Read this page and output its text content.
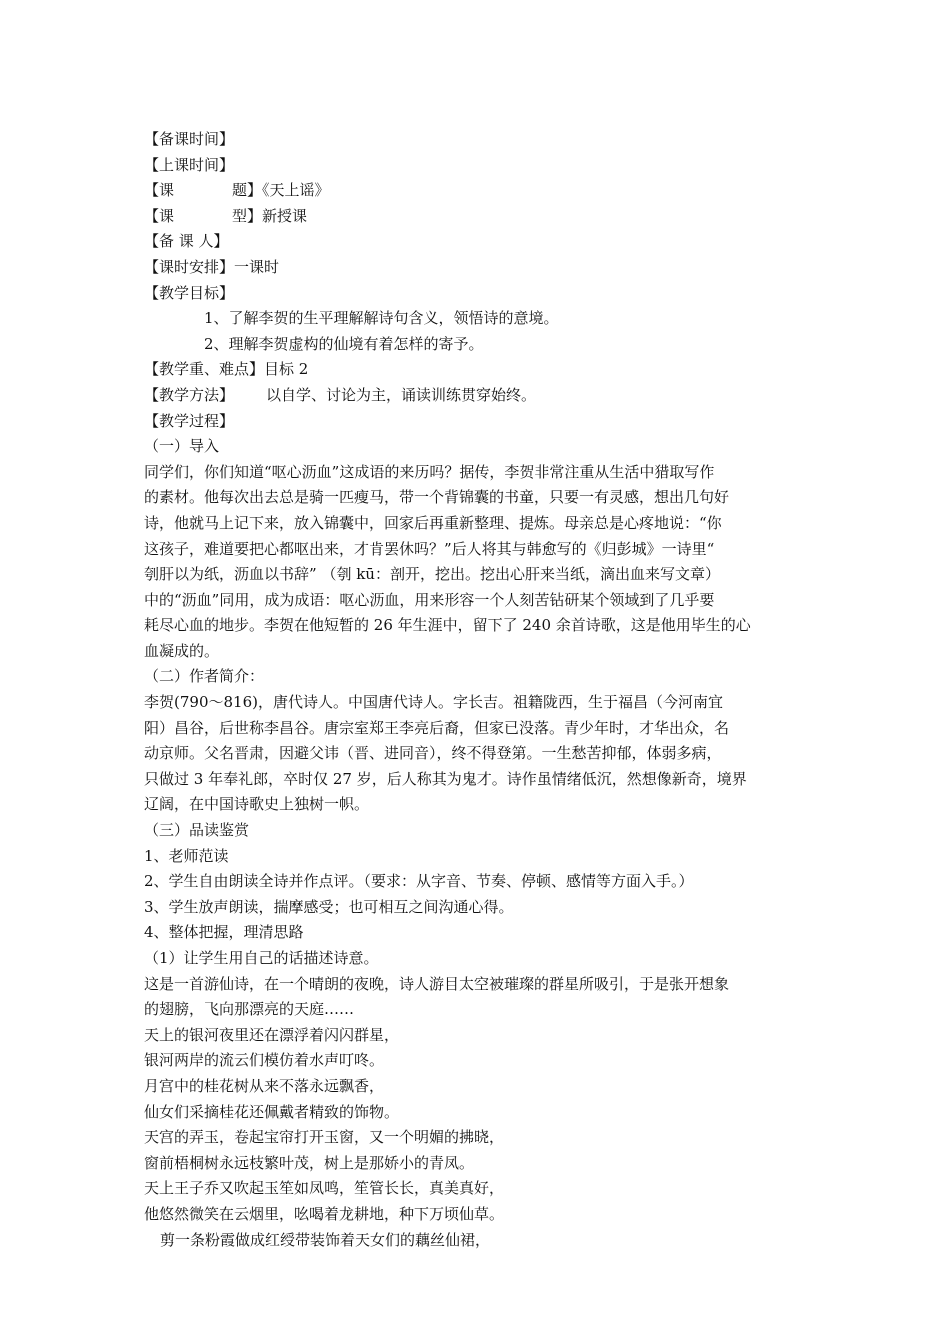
【备课时间】
【上课时间】
【课	题】《天上谣》
【课	型】新授课
【备 课 人】
【课时安排】一课时
【教学目标】
1、了解李贺的生平理解解诗句含义，领悟诗的意境。
2、理解李贺虚构的仙境有着怎样的寄予。
【教学重、难点】目标 2
【教学方法】 以自学、讨论为主，诵读训练贯穿始终。
【教学过程】
（一）导入
同学们，你们知道“呕心沥血”这成语的来历吗？据传，李贺非常注重从生活中猎取写作
的素材。他每次出去总是骑一匹瘦马，带一个背锦囊的书童，只要一有灵感，想出几句好
诗，他就马上记下来，放入锦囊中，回家后再重新整理、提炼。母亲总是心疼地说：“你
这孩子，难道要把心都呕出来，才肯罢休吗？”后人将其与韩愈写的《归彭城》一诗里“
刳肝以为纸，沥血以书辞” （刳 kū：剖开，挖出。挖出心肝来当纸，滴出血来写文章）
中的“沥血”同用，成为成语：呕心沥血，用来形容一个人刻苦钻研某个领域到了几乎要
耗尽心血的地步。李贺在他短暂的 26 年生涯中，留下了 240 余首诗歌，这是他用毕生的心
血凝成的。
（二）作者简介：
李贺(790～816)，唐代诗人。中国唐代诗人。字长吉。祖籍陇西，生于福昌（今河南宜
阳）昌谷，后世称李昌谷。唐宗室郑王李亮后裔，但家已没落。青少年时，才华出众，名
动京师。父名晋肃，因避父讳（晋、进同音），终不得登第。一生愁苦抑郁，体弱多病，
只做过 3 年奉礼郎，卒时仅 27 岁，后人称其为鬼才。诗作虽情绪低沉，然想像新奇，境界
辽阔，在中国诗歌史上独树一帜。
（三）品读鉴赏
1、老师范读
2、学生自由朗读全诗并作点评。（要求：从字音、节奏、停顿、感情等方面入手。）
3、学生放声朗读，揣摩感受；也可相互之间沟通心得。
4、整体把握，理清思路
（1）让学生用自己的话描述诗意。
这是一首游仙诗，在一个晴朗的夜晚，诗人游目太空被璀璨的群星所吸引，于是张开想象
的翅膀，飞向那漂亮的天庭……
天上的银河夜里还在漂浮着闪闪群星，
银河两岸的流云们模仿着水声叮咚。
月宫中的桂花树从来不落永远飘香，
仙女们采摘桂花还佩戴者精致的饰物。
天宫的弄玉，卷起宝帘打开玉窗，又一个明媚的拂晓，
窗前梧桐树永远枝繁叶茂，树上是那娇小的青凤。
天上王子乔又吹起玉笙如凤鸣，笙管长长，真美真好，
他悠然微笑在云烟里，吆喝着龙耕地，种下万顷仙草。
剪一条粉霞做成红绶带装饰着天女们的藕丝仙裙，
